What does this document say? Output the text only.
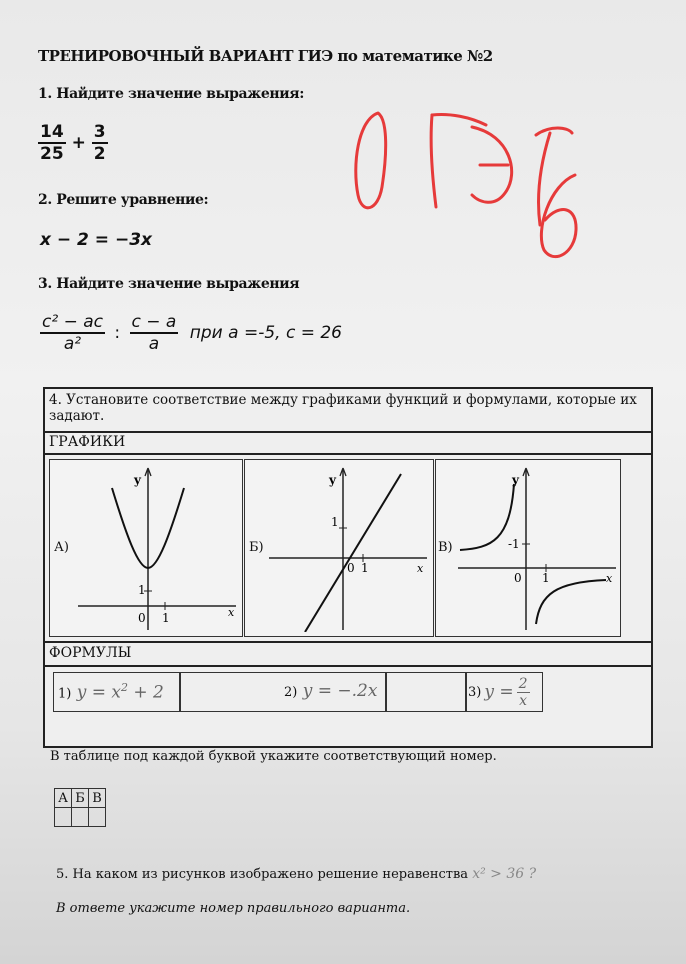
ТРЕНИРОВОЧНЫЙ ВАРИАНТ ГИЭ по математике №2
1. Найдите значение выражения:
$\frac{14}{25} + \frac{3}{2}$
2. Решите уравнение:
x − 2 = −3x
3. Найдите значение выражения
$\frac{\text{c² − ac}}{\text{a²}}$ : $\frac{c - a}{a}$ при a =-5, c = 26
0,7-76
4. Установите соответствие между графиками функций и формулами, которые их задают.
ГРАФИКИ
А)
y
x
1
0 1
Б)
y
x
1
0 1
В)
y
x
-1
0 1
ФОРМУЛЫ
1) $y = x^2 + 2$	2) y = −.2x	3) $y = \frac{2}{x}$
В таблице под каждой буквой укажите соответствующий номер.
А	Б	В

5. На каком из рисунков изображено решение неравенства x² > 36 ?
В ответе укажите номер правильного варианта.
